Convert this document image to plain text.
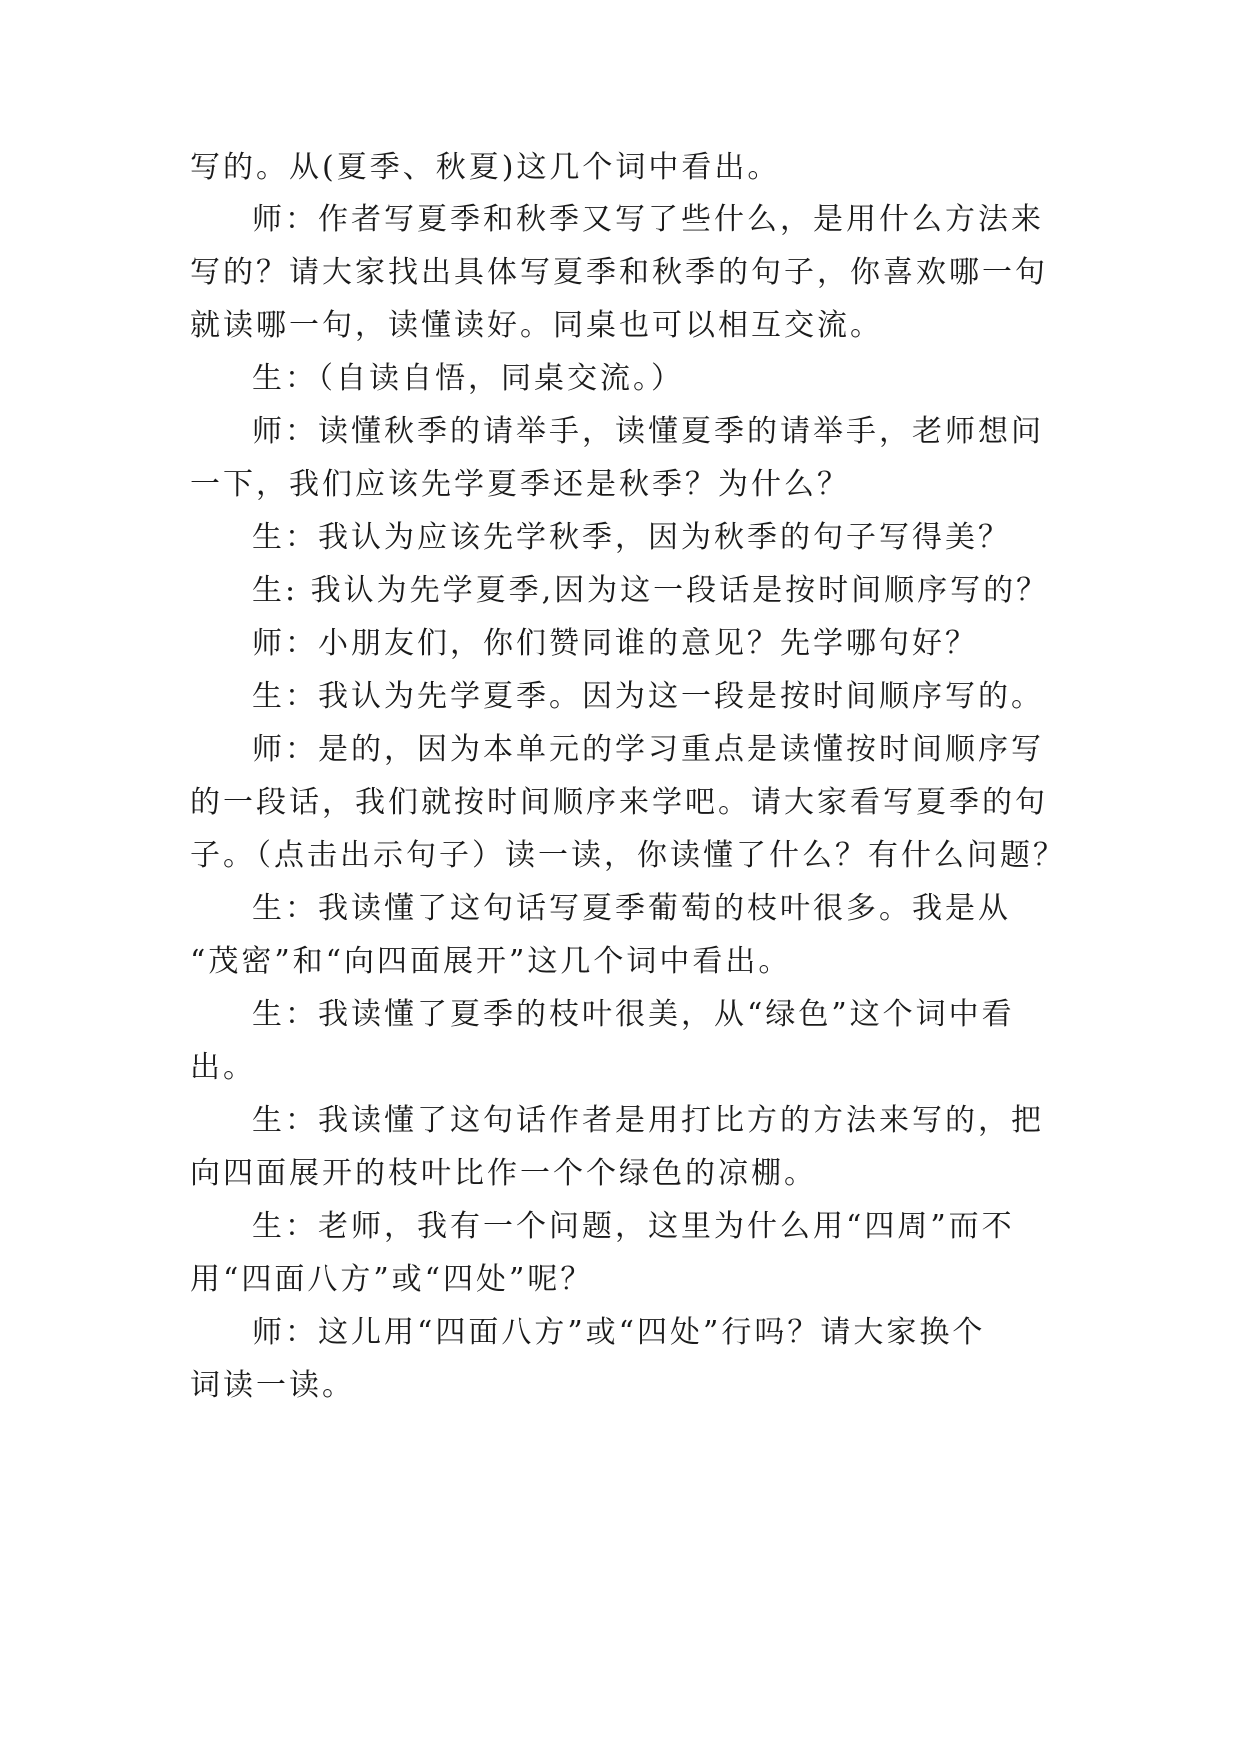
写的。从(夏季、秋夏)这几个词中看出。
师：作者写夏季和秋季又写了些什么，是用什么方法来
写的？请大家找出具体写夏季和秋季的句子，你喜欢哪一句
就读哪一句，读懂读好。同桌也可以相互交流。
生：（自读自悟，同桌交流。）
师：读懂秋季的请举手，读懂夏季的请举手，老师想问
一下，我们应该先学夏季还是秋季？为什么？
生：我认为应该先学秋季，因为秋季的句子写得美？
生: 我认为先学夏季,因为这一段话是按时间顺序写的？
师：小朋友们，你们赞同谁的意见？先学哪句好？
生：我认为先学夏季。因为这一段是按时间顺序写的。
师：是的，因为本单元的学习重点是读懂按时间顺序写
的一段话，我们就按时间顺序来学吧。请大家看写夏季的句
子。（点击出示句子）读一读，你读懂了什么？有什么问题？
生：我读懂了这句话写夏季葡萄的枝叶很多。我是从
“茂密”和“向四面展开”这几个词中看出。
生：我读懂了夏季的枝叶很美，从“绿色”这个词中看
出。
生：我读懂了这句话作者是用打比方的方法来写的，把
向四面展开的枝叶比作一个个绿色的凉棚。
生：老师，我有一个问题，这里为什么用“四周”而不
用“四面八方”或“四处”呢？
师：这儿用“四面八方”或“四处”行吗？请大家换个
词读一读。
